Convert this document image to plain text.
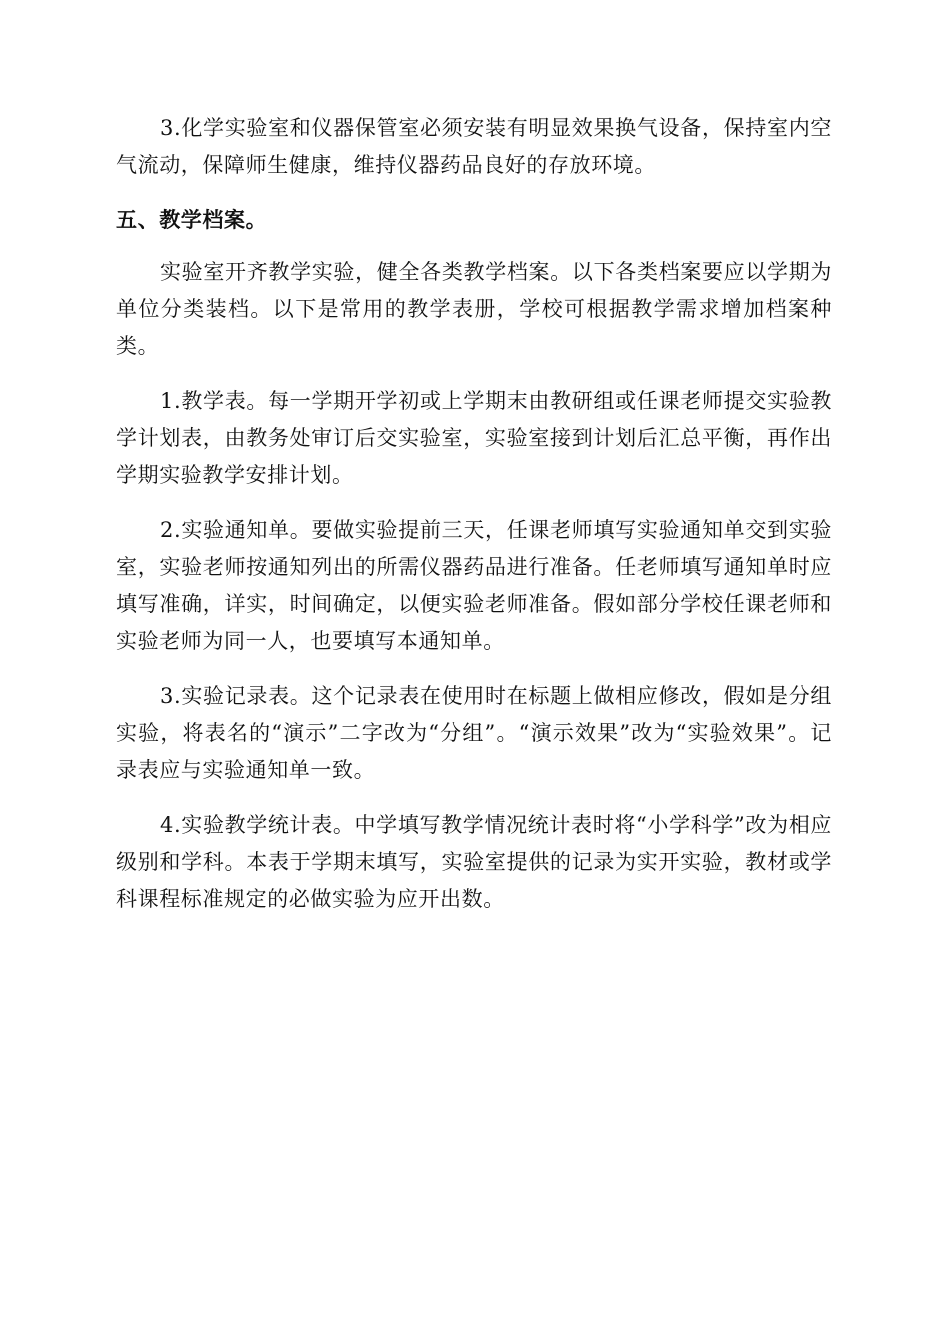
3.化学实验室和仪器保管室必须安装有明显效果换气设备，保持室内空气流动，保障师生健康，维持仪器药品良好的存放环境。

五、教学档案。

实验室开齐教学实验，健全各类教学档案。以下各类档案要应以学期为单位分类装档。以下是常用的教学表册，学校可根据教学需求增加档案种类。

1.教学表。每一学期开学初或上学期末由教研组或任课老师提交实验教学计划表，由教务处审订后交实验室，实验室接到计划后汇总平衡，再作出学期实验教学安排计划。

2.实验通知单。要做实验提前三天，任课老师填写实验通知单交到实验室，实验老师按通知列出的所需仪器药品进行准备。任老师填写通知单时应填写准确，详实，时间确定，以便实验老师准备。假如部分学校任课老师和实验老师为同一人，也要填写本通知单。

3.实验记录表。这个记录表在使用时在标题上做相应修改，假如是分组实验，将表名的“演示”二字改为“分组”。“演示效果”改为“实验效果”。记录表应与实验通知单一致。

4.实验教学统计表。中学填写教学情况统计表时将“小学科学”改为相应级别和学科。本表于学期末填写，实验室提供的记录为实开实验，教材或学科课程标准规定的必做实验为应开出数。
